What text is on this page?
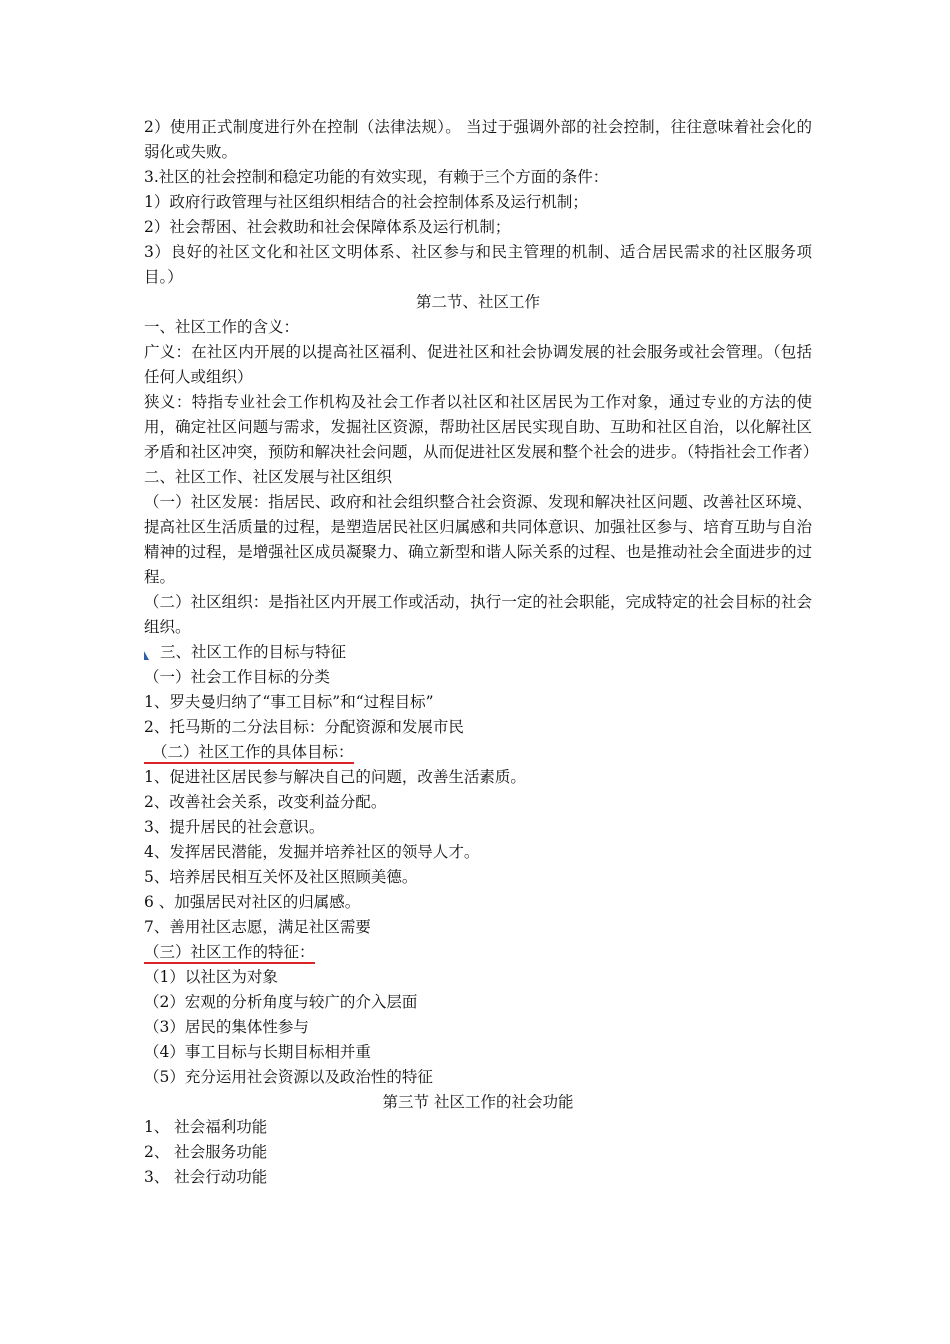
2）使用正式制度进行外在控制（法律法规）。 当过于强调外部的社会控制，往往意味着社会化的弱化或失败。
3.社区的社会控制和稳定功能的有效实现，有赖于三个方面的条件：
1）政府行政管理与社区组织相结合的社会控制体系及运行机制；
2）社会帮困、社会救助和社会保障体系及运行机制；
3）良好的社区文化和社区文明体系、社区参与和民主管理的机制、适合居民需求的社区服务项目。）
第二节、社区工作
一、社区工作的含义：
广义：在社区内开展的以提高社区福利、促进社区和社会协调发展的社会服务或社会管理。（包括任何人或组织）
狭义：特指专业社会工作机构及社会工作者以社区和社区居民为工作对象，通过专业的方法的使用，确定社区问题与需求，发掘社区资源，帮助社区居民实现自助、互助和社区自治，以化解社区矛盾和社区冲突，预防和解决社会问题，从而促进社区发展和整个社会的进步。（特指社会工作者）
二、社区工作、社区发展与社区组织
（一）社区发展：指居民、政府和社会组织整合社会资源、发现和解决社区问题、改善社区环境、提高社区生活质量的过程，是塑造居民社区归属感和共同体意识、加强社区参与、培育互助与自治精神的过程，是增强社区成员凝聚力、确立新型和谐人际关系的过程、也是推动社会全面进步的过程。
（二）社区组织：是指社区内开展工作或活动，执行一定的社会职能，完成特定的社会目标的社会组织。
三、社区工作的目标与特征
（一）社会工作目标的分类
1、罗夫曼归纳了“事工目标”和“过程目标”
2、托马斯的二分法目标：分配资源和发展市民
（二）社区工作的具体目标：
1、促进社区居民参与解决自己的问题，改善生活素质。
2、改善社会关系，改变利益分配。
3、提升居民的社会意识。
4、发挥居民潜能，发掘并培养社区的领导人才。
5、培养居民相互关怀及社区照顾美德。
6 、加强居民对社区的归属感。
7、善用社区志愿，满足社区需要
（三）社区工作的特征：
（1）以社区为对象
（2）宏观的分析角度与较广的介入层面
（3）居民的集体性参与
（4）事工目标与长期目标相并重
（5）充分运用社会资源以及政治性的特征
第三节 社区工作的社会功能
1、 社会福利功能
2、 社会服务功能
3、 社会行动功能
